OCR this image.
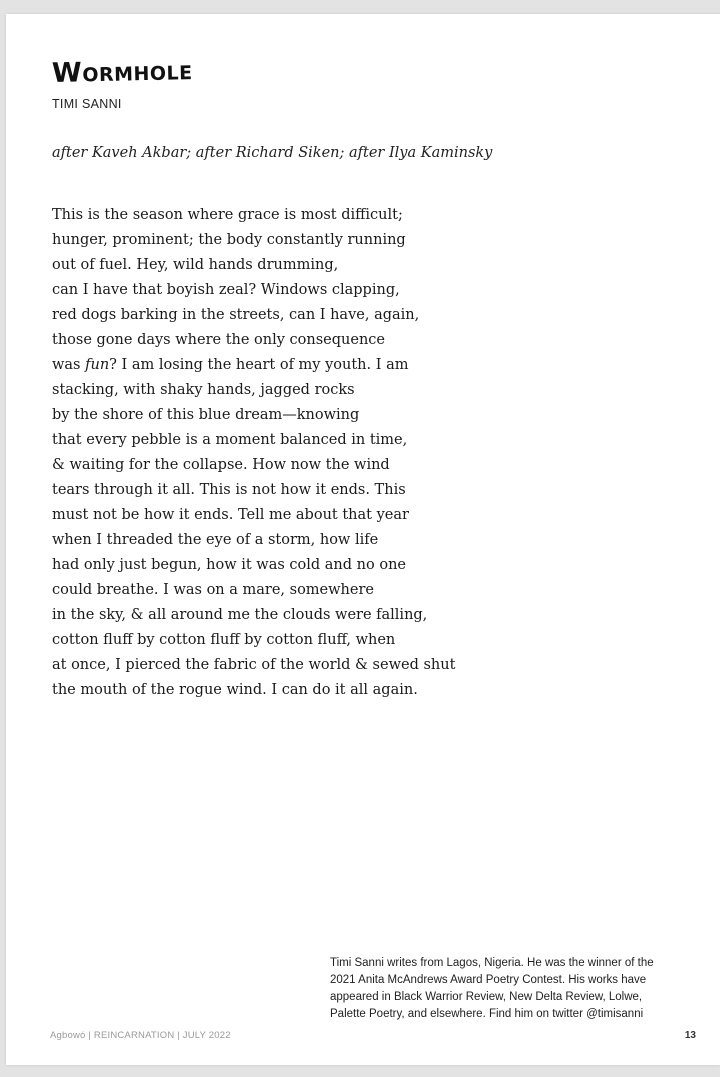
Wormhole
TIMI SANNI
after Kaveh Akbar; after Richard Siken; after Ilya Kaminsky
This is the season where grace is most difficult;
hunger, prominent; the body constantly running
out of fuel. Hey, wild hands drumming,
can I have that boyish zeal? Windows clapping,
red dogs barking in the streets, can I have, again,
those gone days where the only consequence
was fun? I am losing the heart of my youth. I am
stacking, with shaky hands, jagged rocks
by the shore of this blue dream—knowing
that every pebble is a moment balanced in time,
& waiting for the collapse. How now the wind
tears through it all. This is not how it ends. This
must not be how it ends. Tell me about that year
when I threaded the eye of a storm, how life
had only just begun, how it was cold and no one
could breathe. I was on a mare, somewhere
in the sky, & all around me the clouds were falling,
cotton fluff by cotton fluff by cotton fluff, when
at once, I pierced the fabric of the world & sewed shut
the mouth of the rogue wind. I can do it all again.
Timi Sanni writes from Lagos, Nigeria. He was the winner of the
2021 Anita McAndrews Award Poetry Contest. His works have
appeared in Black Warrior Review, New Delta Review, Lolwe,
Palette Poetry, and elsewhere. Find him on twitter @timisanni
Agbowó | REINCARNATION | JULY 2022	13
